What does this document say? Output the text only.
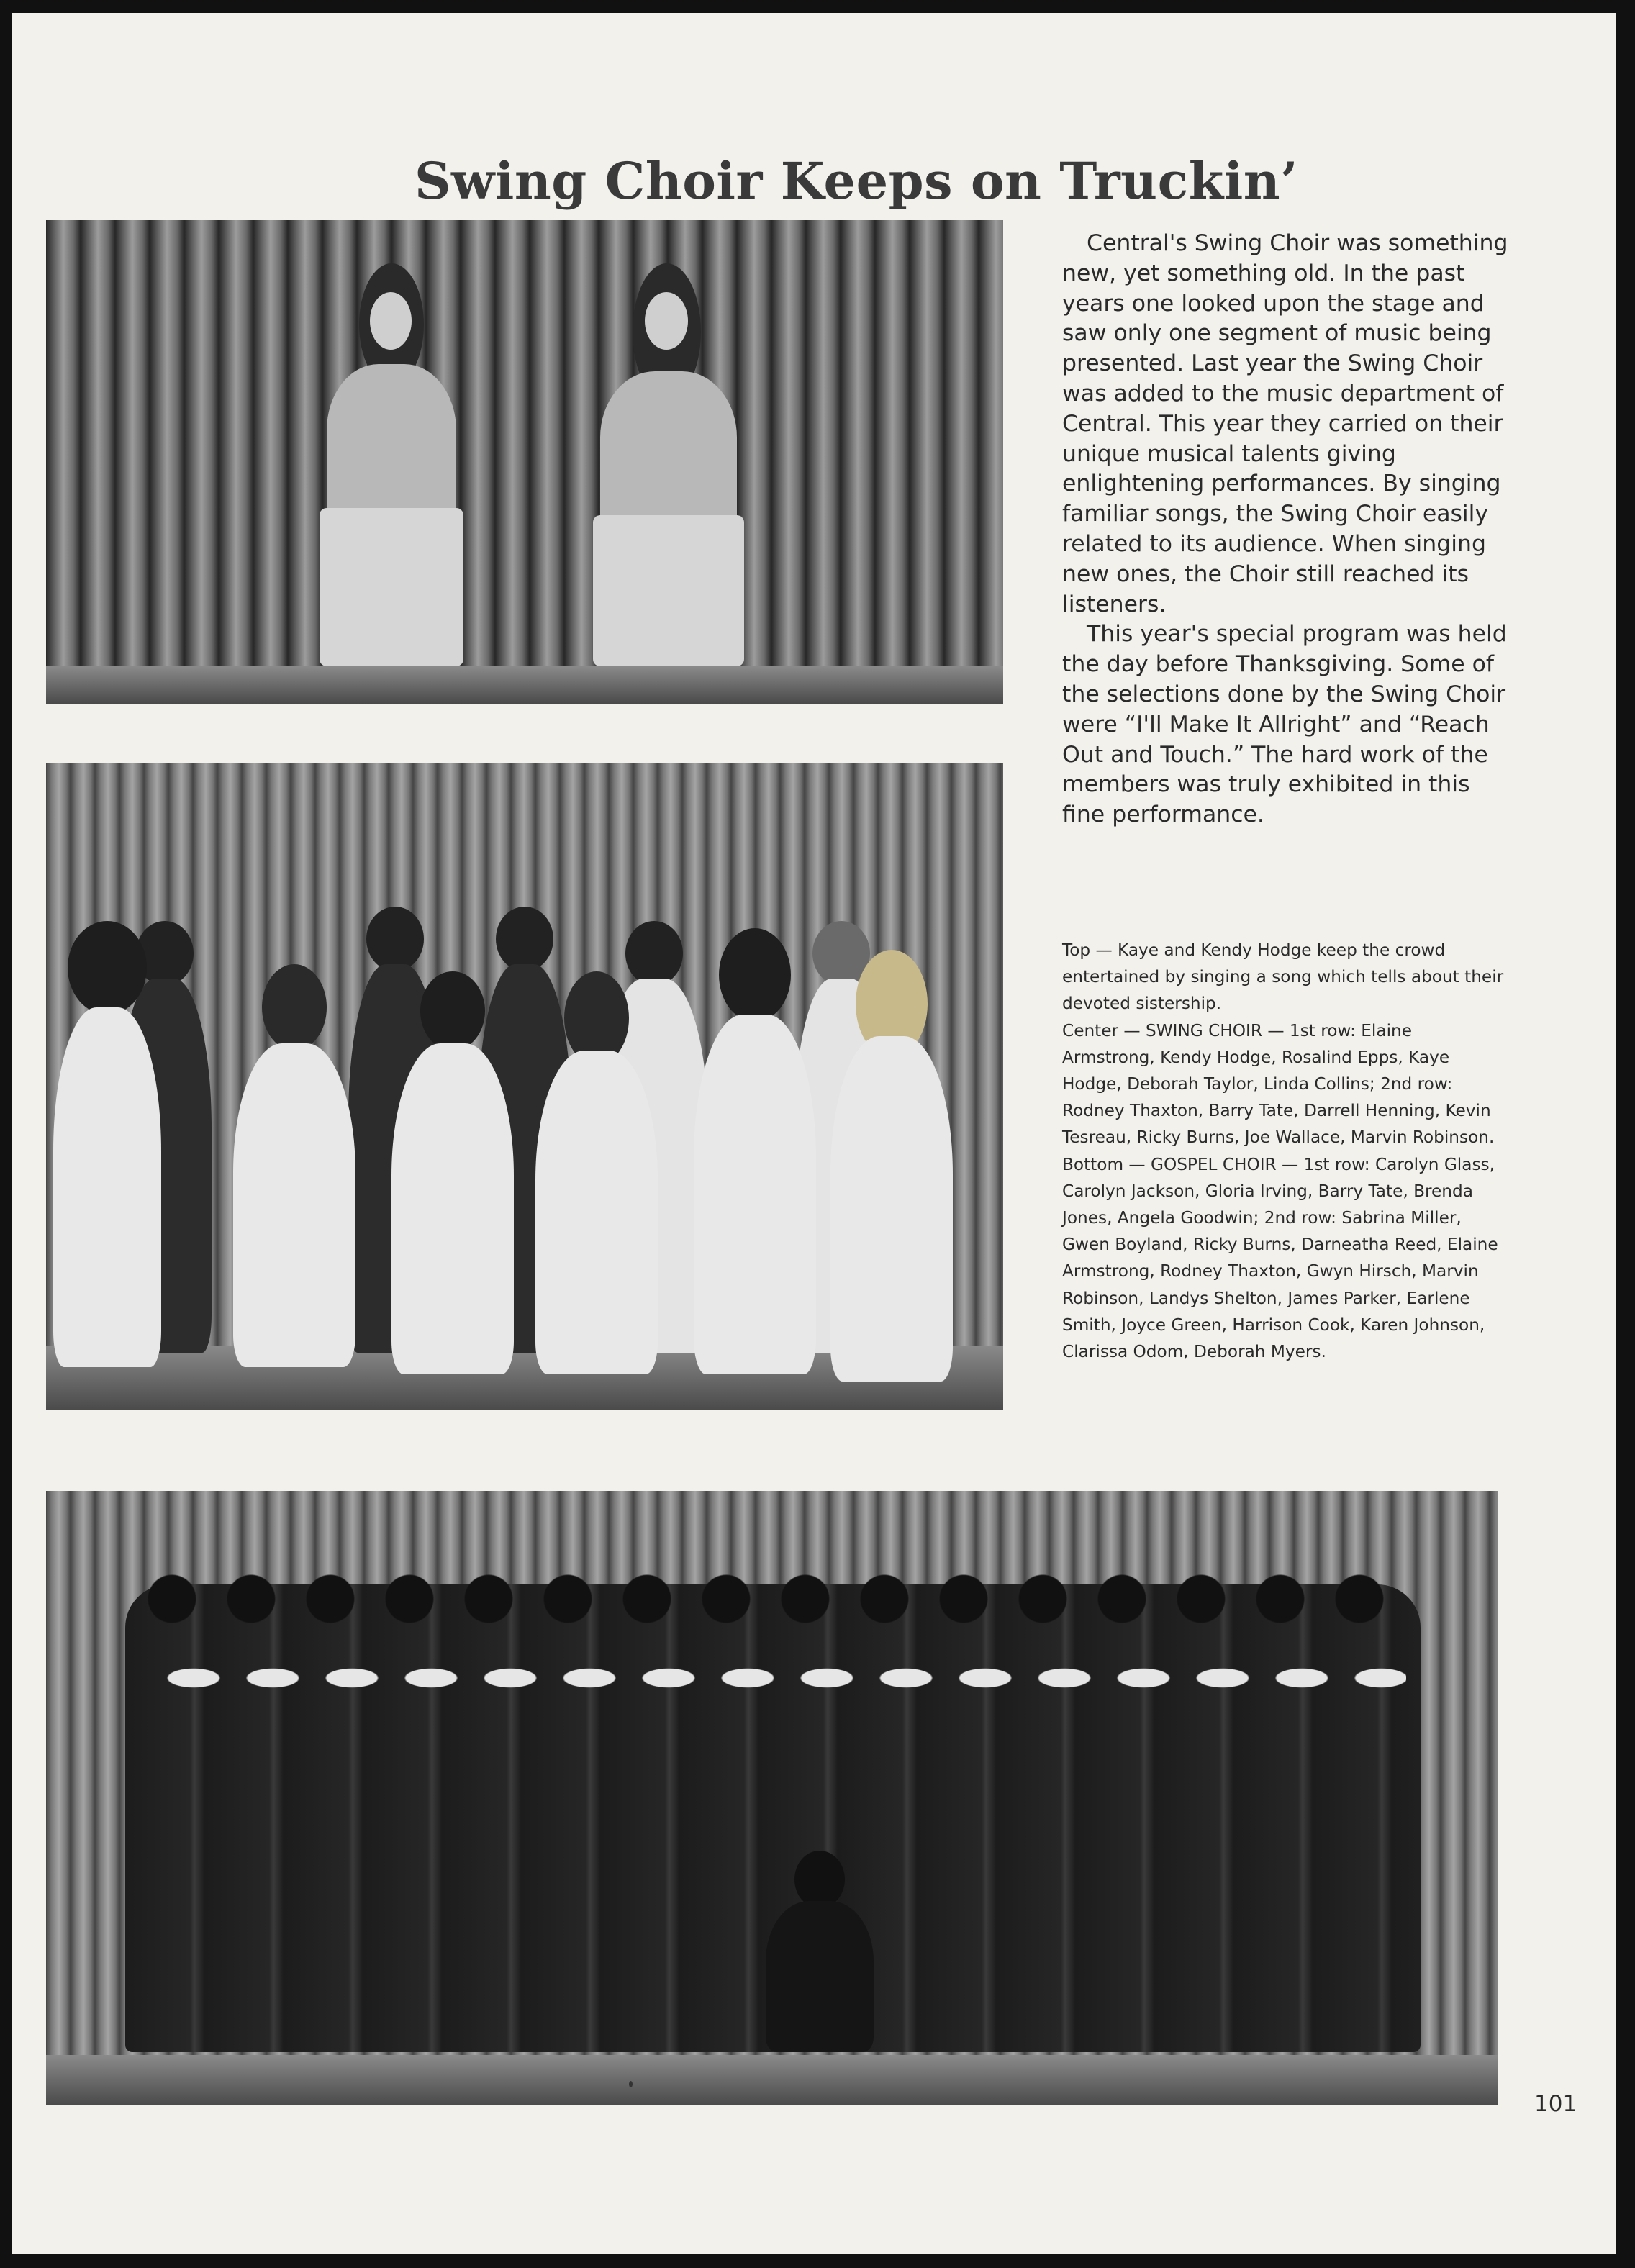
Swing Choir Keeps on Truckin’

Central's Swing Choir was something new, yet something old. In the past years one looked upon the stage and saw only one segment of music being presented. Last year the Swing Choir was added to the music department of Central. This year they carried on their unique musical talents giving enlightening performances. By singing familiar songs, the Swing Choir easily related to its audience. When singing new ones, the Choir still reached its listeners.

This year's special program was held the day before Thanksgiving. Some of the selections done by the Swing Choir were “I'll Make It Allright” and “Reach Out and Touch.” The hard work of the members was truly exhibited in this fine performance.

Top — Kaye and Kendy Hodge keep the crowd entertained by singing a song which tells about their devoted sistership.

Center — SWING CHOIR — 1st row: Elaine Armstrong, Kendy Hodge, Rosalind Epps, Kaye Hodge, Deborah Taylor, Linda Collins; 2nd row: Rodney Thaxton, Barry Tate, Darrell Henning, Kevin Tesreau, Ricky Burns, Joe Wallace, Marvin Robinson.

Bottom — GOSPEL CHOIR — 1st row: Carolyn Glass, Carolyn Jackson, Gloria Irving, Barry Tate, Brenda Jones, Angela Goodwin; 2nd row: Sabrina Miller, Gwen Boyland, Ricky Burns, Darneatha Reed, Elaine Armstrong, Rodney Thaxton, Gwyn Hirsch, Marvin Robinson, Landys Shelton, James Parker, Earlene Smith, Joyce Green, Harrison Cook, Karen Johnson, Clarissa Odom, Deborah Myers.

101
